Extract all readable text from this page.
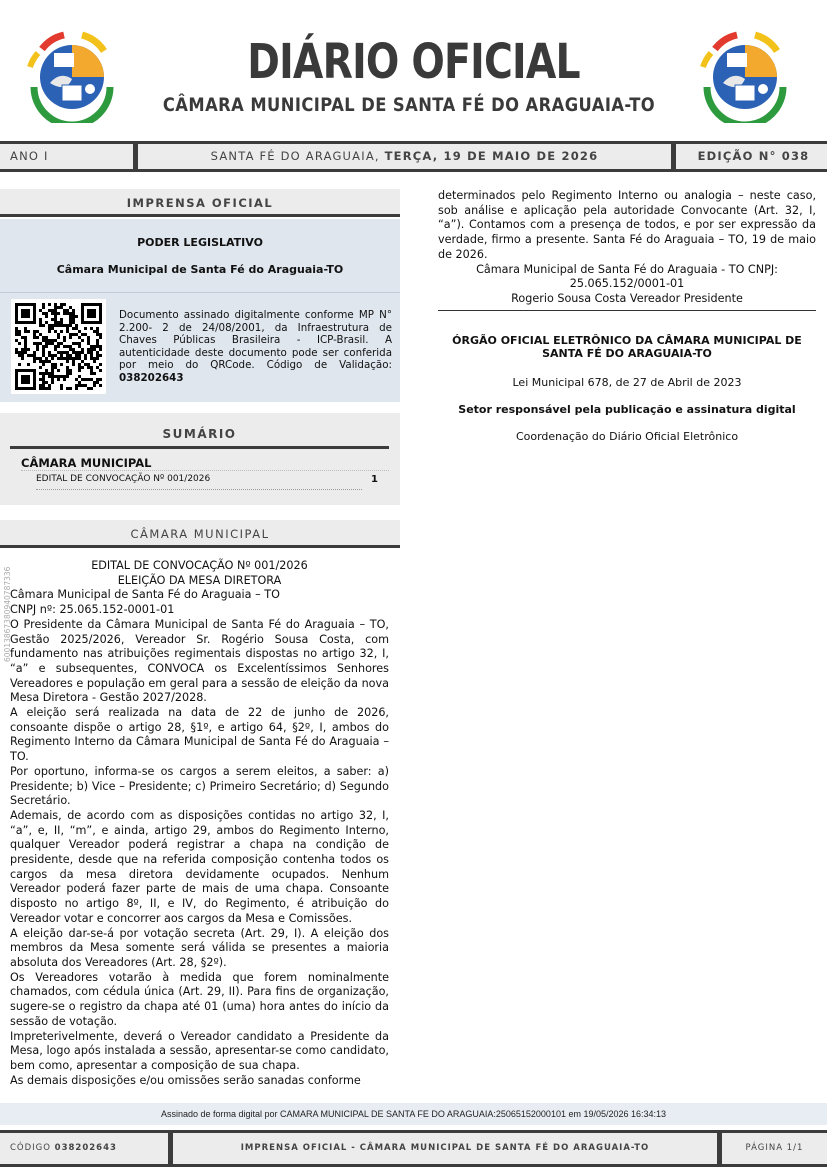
DIÁRIO OFICIAL
CÂMARA MUNICIPAL DE SANTA FÉ DO ARAGUAIA-TO
ANO I	SANTA FÉ DO ARAGUAIA, TERÇA, 19 DE MAIO DE 2026	EDIÇÃO N° 038
IMPRENSA OFICIAL
PODER LEGISLATIVO
Câmara Municipal de Santa Fé do Araguaia-TO
Documento assinado digitalmente conforme MP N° 2.200- 2 de 24/08/2001, da Infraestrutura de Chaves Públicas Brasileira - ICP-Brasil. A autenticidade deste documento pode ser conferida por meio do QRCode. Código de Validação: 038202643
SUMÁRIO
CÂMARA MUNICIPAL
EDITAL DE CONVOCAÇÃO Nº 001/2026	1
CÂMARA MUNICIPAL
60013867380940787336

EDITAL DE CONVOCAÇÃO Nº 001/2026

ELEIÇÃO DA MESA DIRETORA

Câmara Municipal de Santa Fé do Araguaia – TO

CNPJ nº: 25.065.152-0001-01

O Presidente da Câmara Municipal de Santa Fé do Araguaia – TO, Gestão 2025/2026, Vereador Sr. Rogério Sousa Costa, com fundamento nas atribuições regimentais dispostas no artigo 32, I, “a” e subsequentes, CONVOCA os Excelentíssimos Senhores Vereadores e população em geral para a sessão de eleição da nova Mesa Diretora - Gestão 2027/2028.

A eleição será realizada na data de 22 de junho de 2026, consoante dispõe o artigo 28, §1º, e artigo 64, §2º, I, ambos do Regimento Interno da Câmara Municipal de Santa Fé do Araguaia – TO.

Por oportuno, informa-se os cargos a serem eleitos, a saber: a) Presidente; b) Vice – Presidente; c) Primeiro Secretário; d) Segundo Secretário.

Ademais, de acordo com as disposições contidas no artigo 32, I, “a”, e, II, “m”, e ainda, artigo 29, ambos do Regimento Interno, qualquer Vereador poderá registrar a chapa na condição de presidente, desde que na referida composição contenha todos os cargos da mesa diretora devidamente ocupados. Nenhum Vereador poderá fazer parte de mais de uma chapa. Consoante disposto no artigo 8º, II, e IV, do Regimento, é atribuição do Vereador votar e concorrer aos cargos da Mesa e Comissões.

A eleição dar-se-á por votação secreta (Art. 29, I). A eleição dos membros da Mesa somente será válida se presentes a maioria absoluta dos Vereadores (Art. 28, §2º).

Os Vereadores votarão à medida que forem nominalmente chamados, com cédula única (Art. 29, II). Para fins de organização, sugere-se o registro da chapa até 01 (uma) hora antes do início da sessão de votação.

Impreterivelmente, deverá o Vereador candidato a Presidente da Mesa, logo após instalada a sessão, apresentar-se como candidato, bem como, apresentar a composição de sua chapa.

As demais disposições e/ou omissões serão sanadas conforme

determinados pelo Regimento Interno ou analogia – neste caso, sob análise e aplicação pela autoridade Convocante (Art. 32, I, “a”). Contamos com a presença de todos, e por ser expressão da verdade, firmo a presente. Santa Fé do Araguaia – TO, 19 de maio de 2026.

Câmara Municipal de Santa Fé do Araguaia - TO CNPJ:

25.065.152/0001-01

Rogerio Sousa Costa Vereador Presidente

ÓRGÃO OFICIAL ELETRÔNICO DA CÂMARA MUNICIPAL DE SANTA FÉ DO ARAGUAIA-TO
Lei Municipal 678, de 27 de Abril de 2023
Setor responsável pela publicação e assinatura digital
Coordenação do Diário Oficial Eletrônico
Assinado de forma digital por CAMARA MUNICIPAL DE SANTA FE DO ARAGUAIA:25065152000101 em 19/05/2026 16:34:13
CÓDIGO 038202643	IMPRENSA OFICIAL - CÂMARA MUNICIPAL DE SANTA FÉ DO ARAGUAIA-TO	PÁGINA 1/1
